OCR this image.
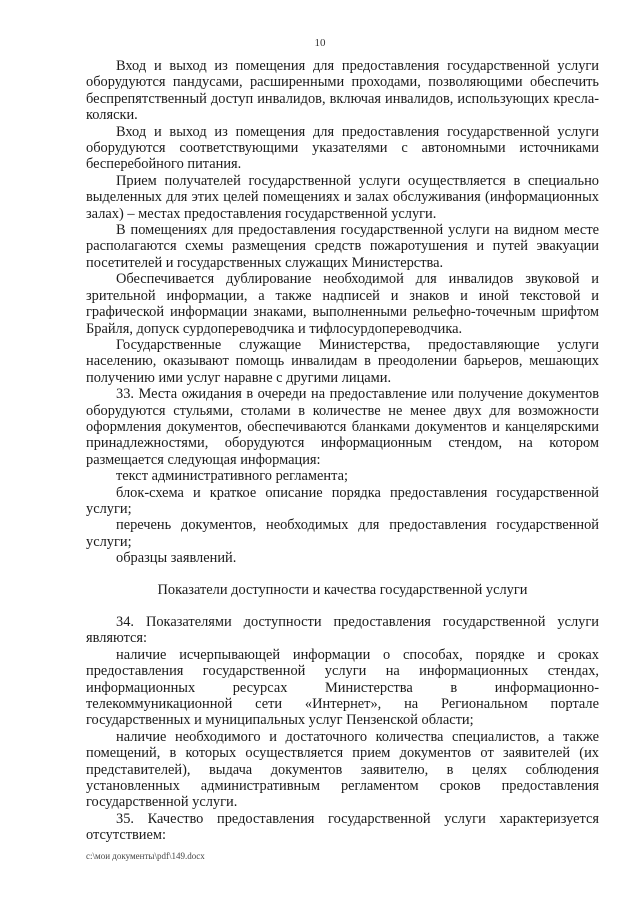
10

Вход и выход из помещения для предоставления государственной услуги оборудуются пандусами, расширенными проходами, позволяющими обеспечить беспрепятственный доступ инвалидов, включая инвалидов, использующих кресла-коляски.

Вход и выход из помещения для предоставления государственной услуги оборудуются соответствующими указателями с автономными источниками бесперебойного питания.

Прием получателей государственной услуги осуществляется в специально выделенных для этих целей помещениях и залах обслуживания (информационных залах) – местах предоставления государственной услуги.

В помещениях для предоставления государственной услуги на видном месте располагаются схемы размещения средств пожаротушения и путей эвакуации посетителей и государственных служащих Министерства.

Обеспечивается дублирование необходимой для инвалидов звуковой и зрительной информации, а также надписей и знаков и иной текстовой и графической информации знаками, выполненными рельефно-точечным шрифтом Брайля, допуск сурдопереводчика и тифлосурдопереводчика.

Государственные служащие Министерства, предоставляющие услуги населению, оказывают помощь инвалидам в преодолении барьеров, мешающих получению ими услуг наравне с другими лицами.

33. Места ожидания в очереди на предоставление или получение документов оборудуются стульями, столами в количестве не менее двух для возможности оформления документов, обеспечиваются бланками документов и канцелярскими принадлежностями, оборудуются информационным стендом, на котором размещается следующая информация:

текст административного регламента;

блок-схема и краткое описание порядка предоставления государственной услуги;

перечень документов, необходимых для предоставления государственной услуги;

образцы заявлений.

Показатели доступности и качества государственной услуги

34. Показателями доступности предоставления государственной услуги являются:

наличие исчерпывающей информации о способах, порядке и сроках предоставления государственной услуги на информационных стендах, информационных ресурсах Министерства в информационно-телекоммуникационной сети «Интернет», на Региональном портале государственных и муниципальных услуг Пензенской области;

наличие необходимого и достаточного количества специалистов, а также помещений, в которых осуществляется прием документов от заявителей (их представителей), выдача документов заявителю, в целях соблюдения установленных административным регламентом сроков предоставления государственной услуги.

35. Качество предоставления государственной услуги характеризуется отсутствием:

c:\мои документы\pdf\149.docx
